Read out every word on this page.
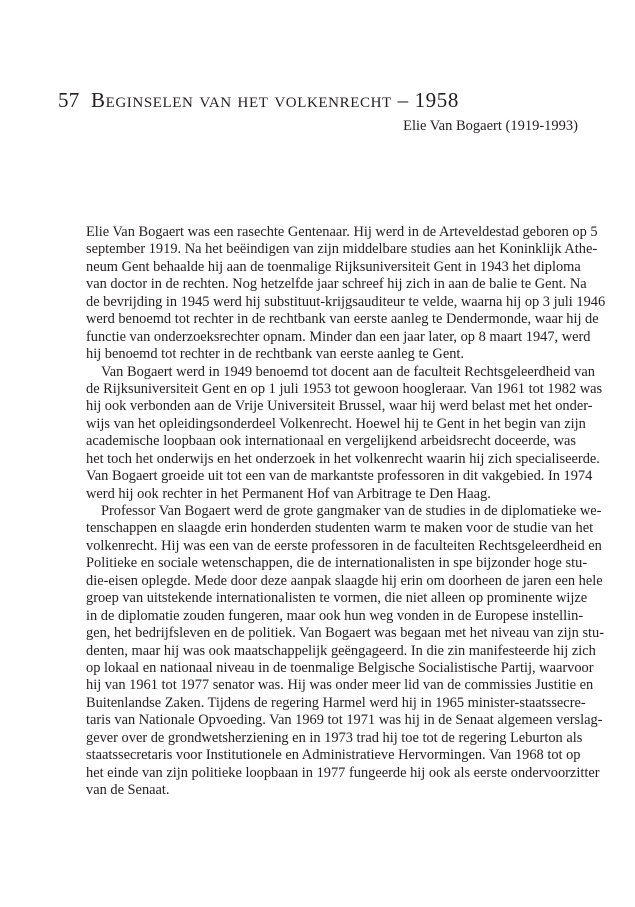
57 Beginselen van het volkenrecht – 1958
Elie Van Bogaert (1919-1993)
Elie Van Bogaert was een rasechte Gentenaar. Hij werd in de Arteveldestad geboren op 5
september 1919. Na het beëindigen van zijn middelbare studies aan het Koninklijk Athe-
neum Gent behaalde hij aan de toenmalige Rijksuniversiteit Gent in 1943 het diploma
van doctor in de rechten. Nog hetzelfde jaar schreef hij zich in aan de balie te Gent. Na
de bevrijding in 1945 werd hij substituut-krijgsauditeur te velde, waarna hij op 3 juli 1946
werd benoemd tot rechter in de rechtbank van eerste aanleg te Dendermonde, waar hij de
functie van onderzoeksrechter opnam. Minder dan een jaar later, op 8 maart 1947, werd
hij benoemd tot rechter in de rechtbank van eerste aanleg te Gent.
Van Bogaert werd in 1949 benoemd tot docent aan de faculteit Rechtsgeleerdheid van
de Rijksuniversiteit Gent en op 1 juli 1953 tot gewoon hoogleraar. Van 1961 tot 1982 was
hij ook verbonden aan de Vrije Universiteit Brussel, waar hij werd belast met het onder-
wijs van het opleidingsonderdeel Volkenrecht. Hoewel hij te Gent in het begin van zijn
academische loopbaan ook internationaal en vergelijkend arbeidsrecht doceerde, was
het toch het onderwijs en het onderzoek in het volkenrecht waarin hij zich specialiseerde.
Van Bogaert groeide uit tot een van de markantste professoren in dit vakgebied. In 1974
werd hij ook rechter in het Permanent Hof van Arbitrage te Den Haag.
Professor Van Bogaert werd de grote gangmaker van de studies in de diplomatieke we-
tenschappen en slaagde erin honderden studenten warm te maken voor de studie van het
volkenrecht. Hij was een van de eerste professoren in de faculteiten Rechtsgeleerdheid en
Politieke en sociale wetenschappen, die de internationalisten in spe bijzonder hoge stu-
die-eisen oplegde. Mede door deze aanpak slaagde hij erin om doorheen de jaren een hele
groep van uitstekende internationalisten te vormen, die niet alleen op prominente wijze
in de diplomatie zouden fungeren, maar ook hun weg vonden in de Europese instellin-
gen, het bedrijfsleven en de politiek. Van Bogaert was begaan met het niveau van zijn stu-
denten, maar hij was ook maatschappelijk geëngageerd. In die zin manifesteerde hij zich
op lokaal en nationaal niveau in de toenmalige Belgische Socialistische Partij, waarvoor
hij van 1961 tot 1977 senator was. Hij was onder meer lid van de commissies Justitie en
Buitenlandse Zaken. Tijdens de regering Harmel werd hij in 1965 minister-staatssecre-
taris van Nationale Opvoeding. Van 1969 tot 1971 was hij in de Senaat algemeen verslag-
gever over de grondwetsherziening en in 1973 trad hij toe tot de regering Leburton als
staatssecretaris voor Institutionele en Administratieve Hervormingen. Van 1968 tot op
het einde van zijn politieke loopbaan in 1977 fungeerde hij ook als eerste ondervoorzitter
van de Senaat.
